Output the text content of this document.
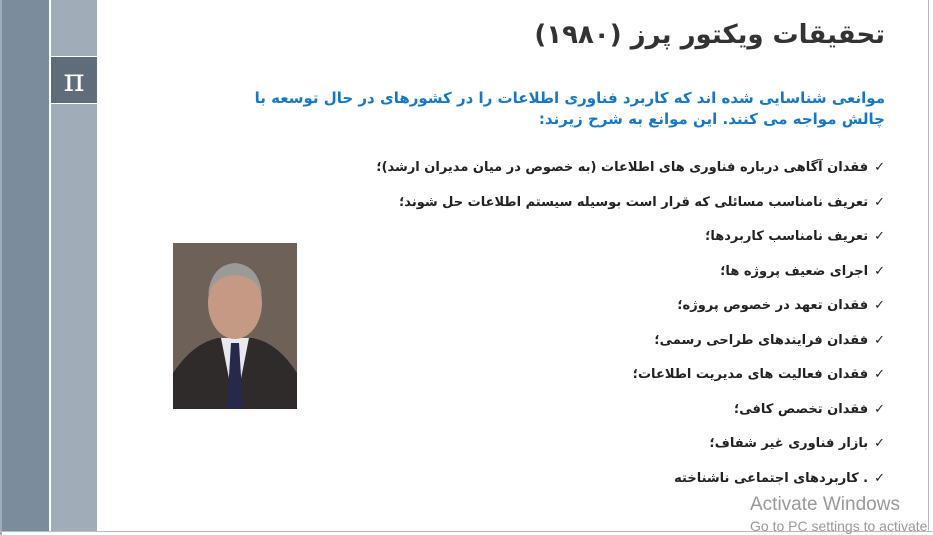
π
تحقیقات ویکتور پرز (۱۹۸۰)
موانعی شناسایی شده اند که کاربرد فناوری اطلاعات را در کشورهای در حال توسعه با چالش مواجه می کنند. این موانع به شرح زیرند:
✓فقدان آگاهی درباره فناوری های اطلاعات (به خصوص در میان مدیران ارشد)؛
✓تعریف نامناسب مسائلی که قرار است بوسیله سیستم اطلاعات حل شوند؛
✓تعریف نامناسب کاربردها؛
✓اجرای ضعیف پروژه ها؛
✓فقدان تعهد در خصوص پروژه؛
✓فقدان فرایندهای طراحی رسمی؛
✓فقدان فعالیت های مدیریت اطلاعات؛
✓فقدان تخصص کافی؛
✓بازار فناوری غیر شفاف؛
✓. کاربردهای اجتماعی ناشناخته
Activate Windows
Go to PC settings to activate
